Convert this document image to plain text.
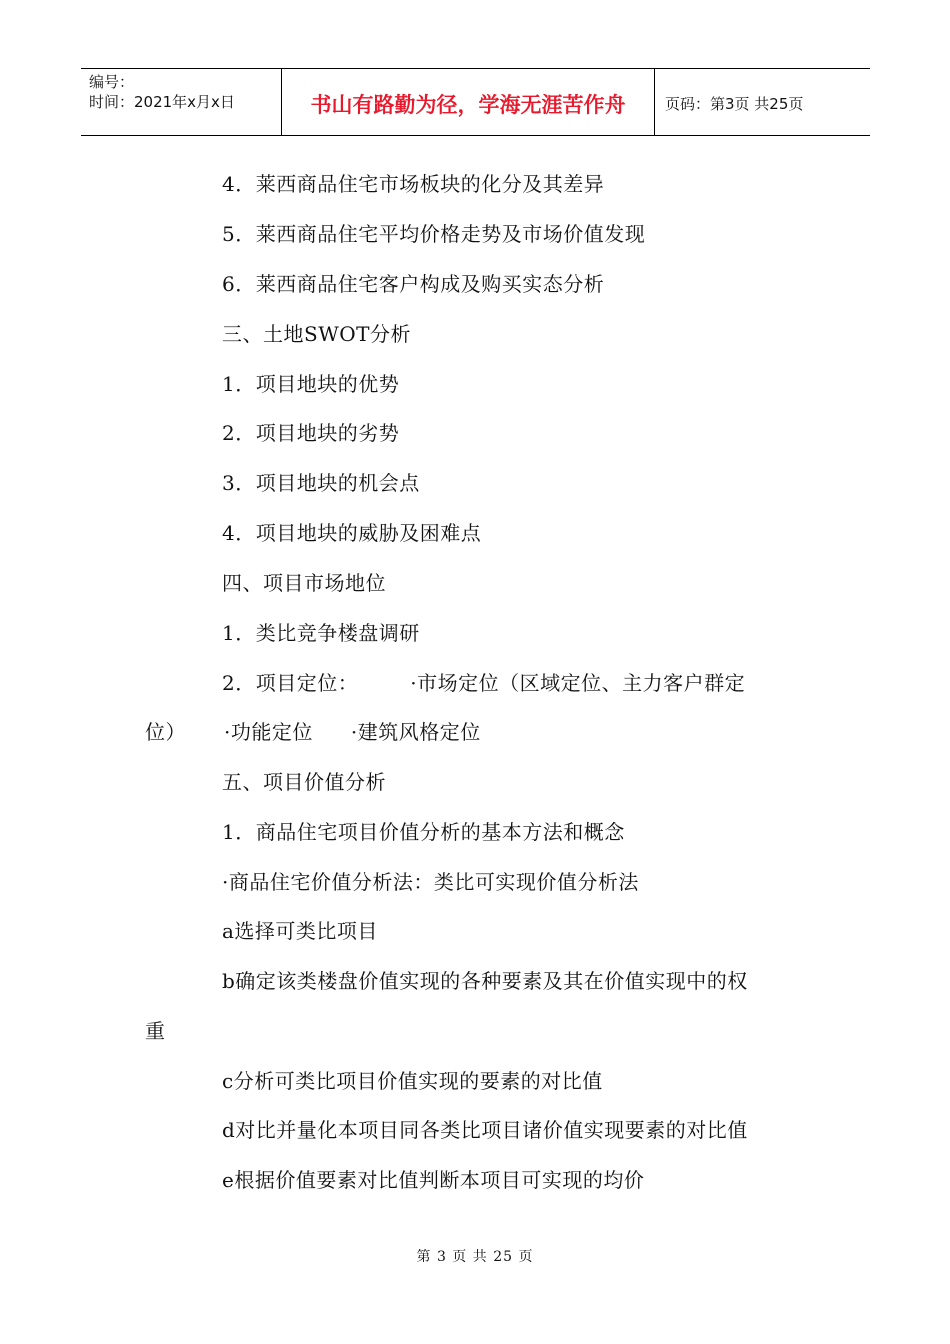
编号：
时间：2021年x月x日	书山有路勤为径，学海无涯苦作舟	页码：第3页 共25页
4．莱西商品住宅市场板块的化分及其差异
5．莱西商品住宅平均价格走势及市场价值发现
6．莱西商品住宅客户构成及购买实态分析
三、土地SWOT分析
1．项目地块的优势
2．项目地块的劣势
3．项目地块的机会点
4．项目地块的威胁及困难点
四、项目市场地位
1．类比竞争楼盘调研
2．项目定位：	·市场定位（区域定位、主力客户群定
位） ·功能定位 ·建筑风格定位
五、项目价值分析
1．商品住宅项目价值分析的基本方法和概念
·商品住宅价值分析法：类比可实现价值分析法
a选择可类比项目
b确定该类楼盘价值实现的各种要素及其在价值实现中的权
重
c分析可类比项目价值实现的要素的对比值
d对比并量化本项目同各类比项目诸价值实现要素的对比值
e根据价值要素对比值判断本项目可实现的均价
第 3 页 共 25 页
